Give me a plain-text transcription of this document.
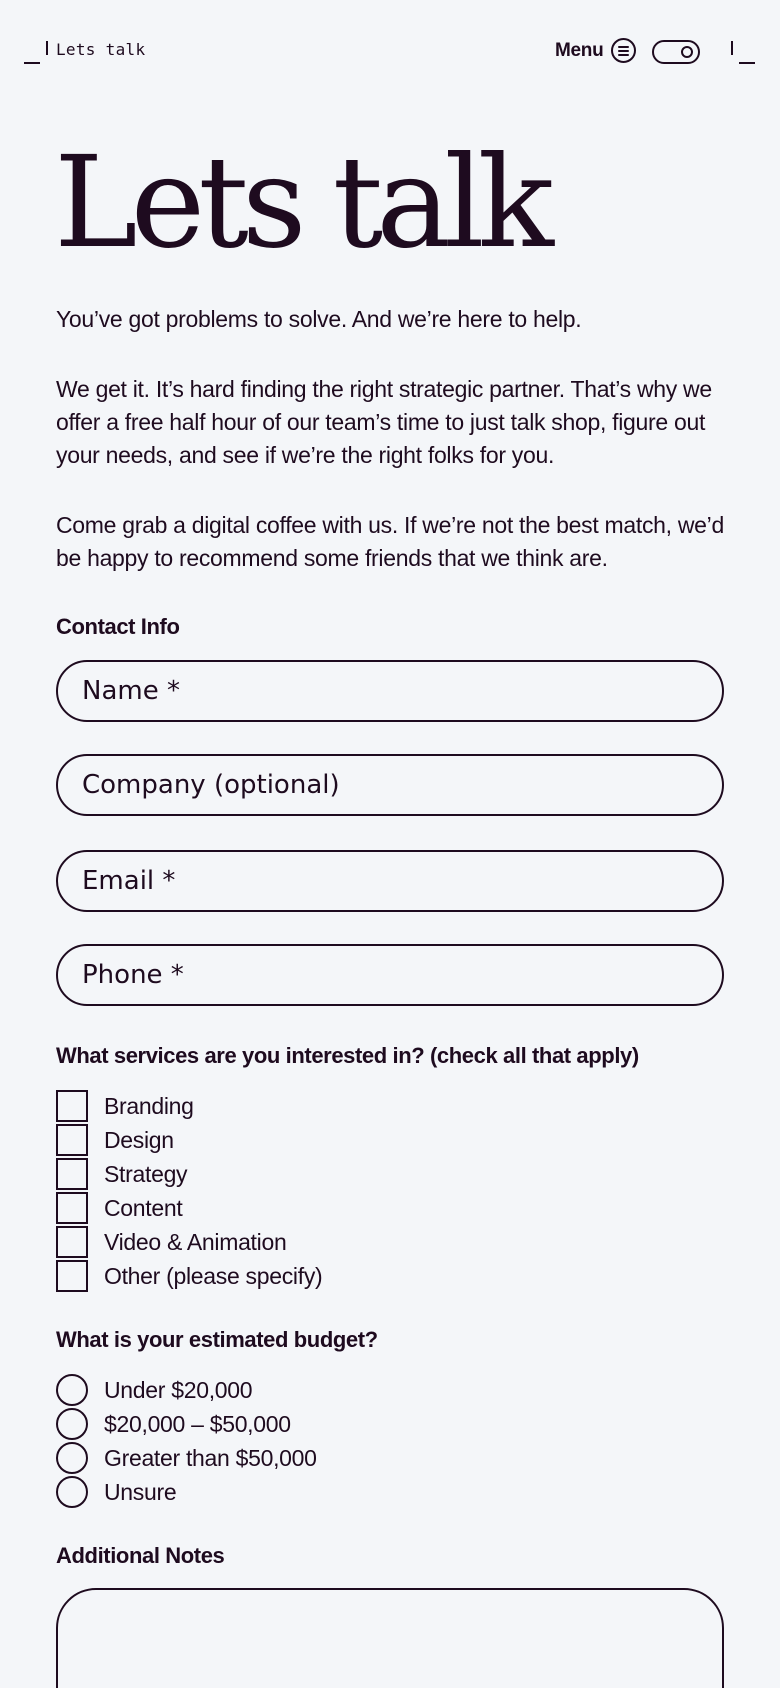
Lets talk	Menu
Lets talk

You’ve got problems to solve. And we’re here to help.

We get it. It’s hard finding the right strategic partner. That’s why we offer a free half hour of our team’s time to just talk shop, figure out your needs, and see if we’re the right folks for you.

Come grab a digital coffee with us. If we’re not the best match, we’d be happy to recommend some friends that we think are.

Contact Info
Name *
Company (optional)
Email *
Phone *
What services are you interested in? (check all that apply)
Branding
Design
Strategy
Content
Video & Animation
Other (please specify)
What is your estimated budget?
Under $20,000
$20,000 – $50,000
Greater than $50,000
Unsure
Additional Notes
